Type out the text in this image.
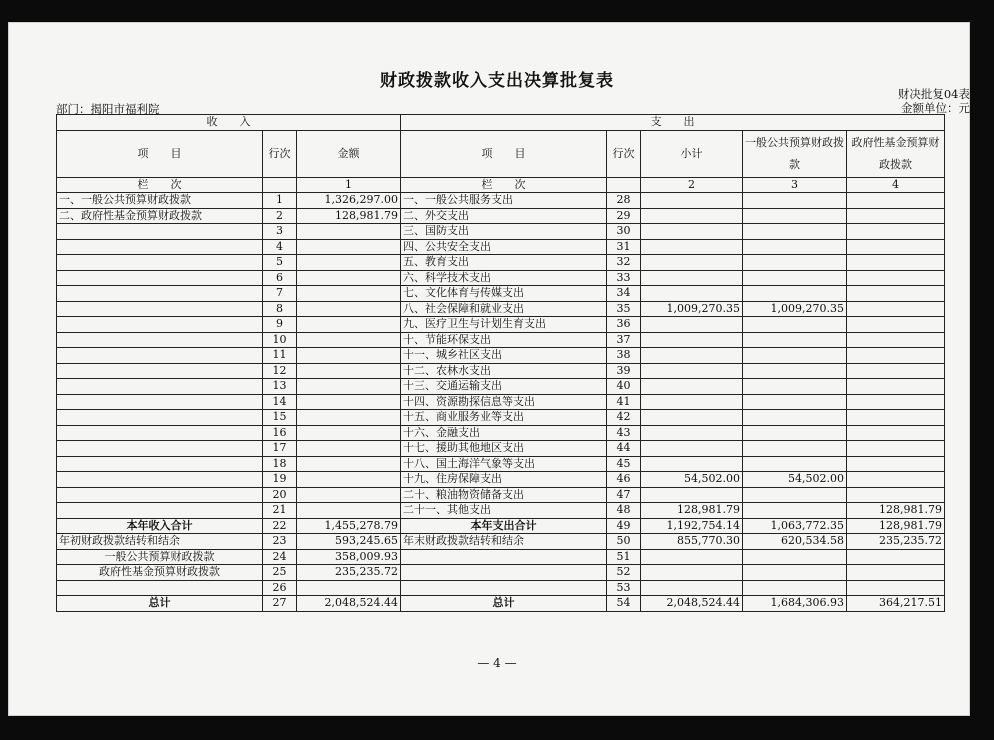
财政拨款收入支出决算批复表
财决批复04表
金额单位：元
部门：揭阳市福利院
收　　入			支　　出				
项　　目	行次	金额	项　　目	行次	小计	一般公共预算财政拨款	政府性基金预算财政拨款
栏　　次		1	栏　　次		2	3	4
一、一般公共预算财政拨款	1	1,326,297.00	一、一般公共服务支出	28			
二、政府性基金预算财政拨款	2	128,981.79	二、外交支出	29			
	3		三、国防支出	30			
	4		四、公共安全支出	31			
	5		五、教育支出	32			
	6		六、科学技术支出	33			
	7		七、文化体育与传媒支出	34			
	8		八、社会保障和就业支出	35	1,009,270.35	1,009,270.35	
	9		九、医疗卫生与计划生育支出	36			
	10		十、节能环保支出	37			
	11		十一、城乡社区支出	38			
	12		十二、农林水支出	39			
	13		十三、交通运输支出	40			
	14		十四、资源勘探信息等支出	41			
	15		十五、商业服务业等支出	42			
	16		十六、金融支出	43			
	17		十七、援助其他地区支出	44			
	18		十八、国土海洋气象等支出	45			
	19		十九、住房保障支出	46	54,502.00	54,502.00	
	20		二十、粮油物资储备支出	47			
	21		二十一、其他支出	48	128,981.79		128,981.79
本年收入合计	22	1,455,278.79	本年支出合计	49	1,192,754.14	1,063,772.35	128,981.79
年初财政拨款结转和结余	23	593,245.65	年末财政拨款结转和结余	50	855,770.30	620,534.58	235,235.72
一般公共预算财政拨款	24	358,009.93		51			
政府性基金预算财政拨款	25	235,235.72		52			
	26			53			
总计	27	2,048,524.44	总计	54	2,048,524.44	1,684,306.93	364,217.51
— 4 —
